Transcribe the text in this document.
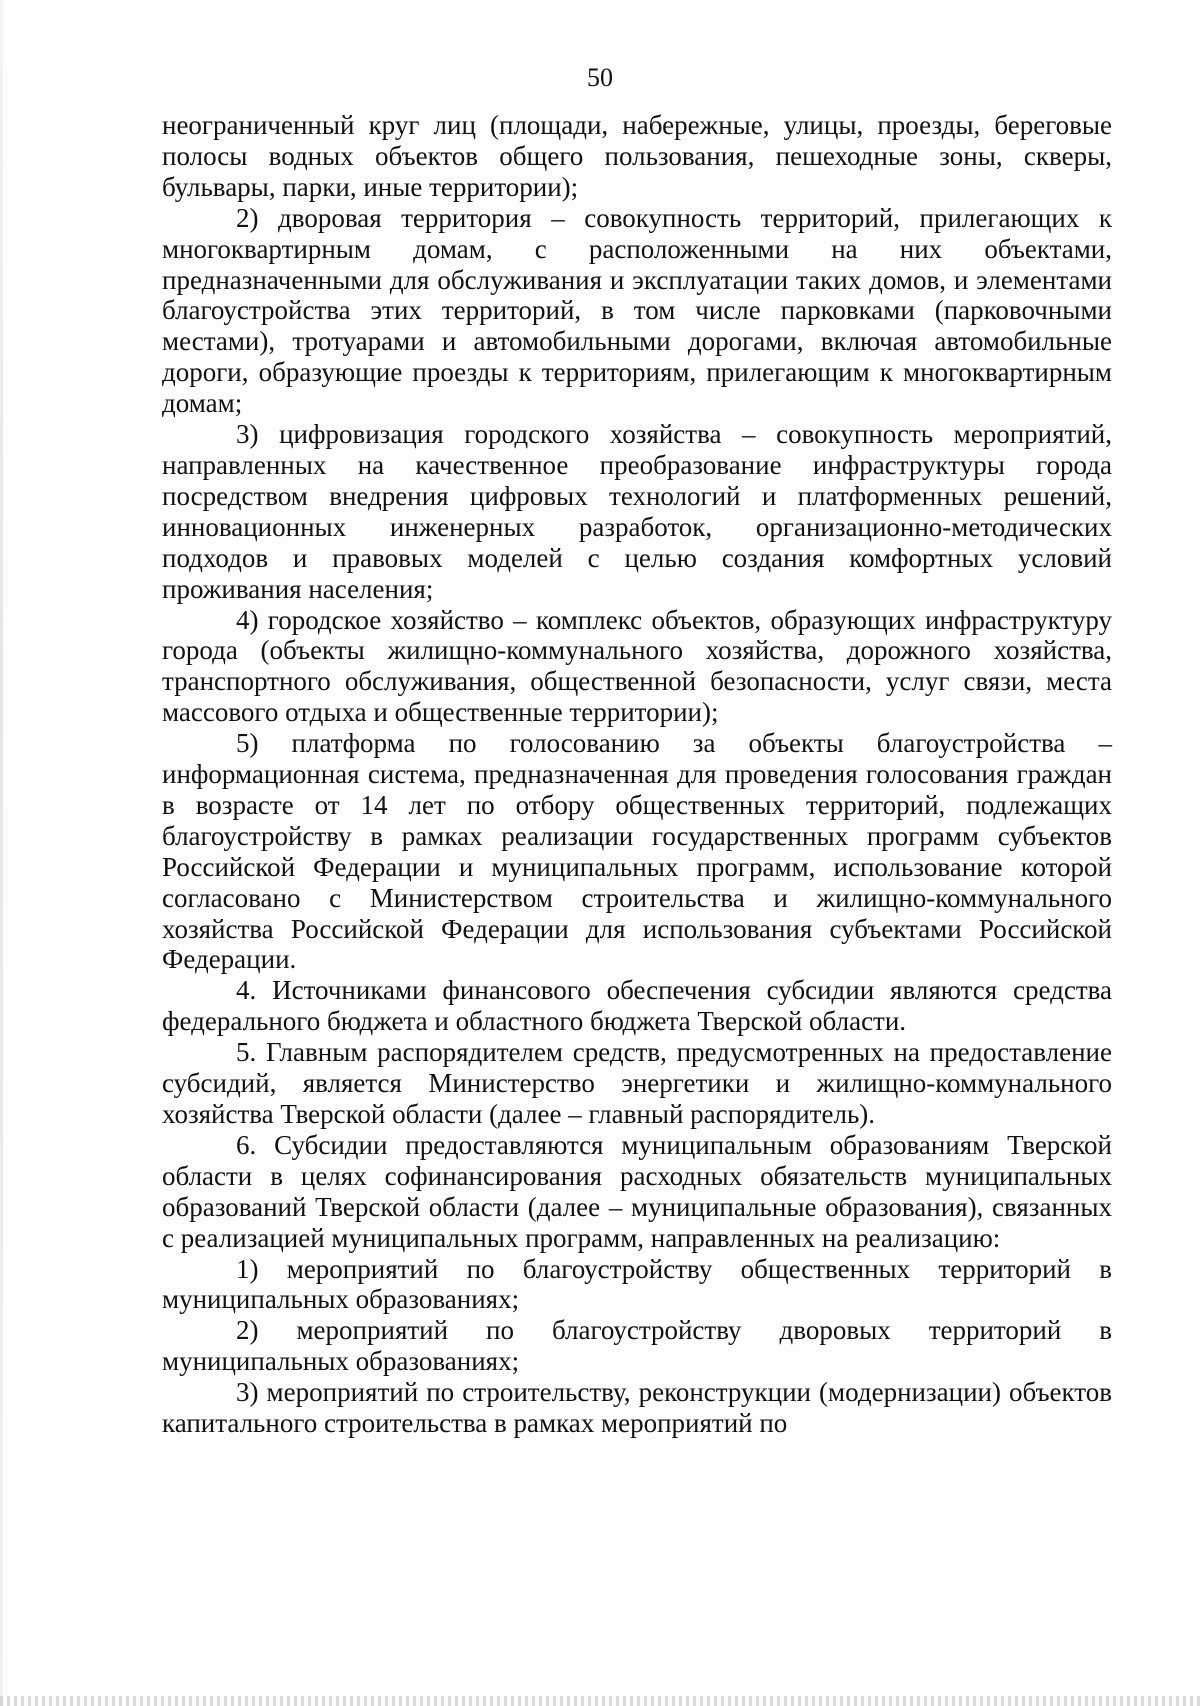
50

неограниченный круг лиц (площади, набережные, улицы, проезды, береговые полосы водных объектов общего пользования, пешеходные зоны, скверы, бульвары, парки, иные территории);

2) дворовая территория – совокупность территорий, прилегающих к многоквартирным домам, с расположенными на них объектами, предназначенными для обслуживания и эксплуатации таких домов, и элементами благоустройства этих территорий, в том числе парковками (парковочными местами), тротуарами и автомобильными дорогами, включая автомобильные дороги, образующие проезды к территориям, прилегающим к многоквартирным домам;

3) цифровизация городского хозяйства – совокупность мероприятий, направленных на качественное преобразование инфраструктуры города посредством внедрения цифровых технологий и платформенных решений, инновационных инженерных разработок, организационно-методических подходов и правовых моделей с целью создания комфортных условий проживания населения;

4) городское хозяйство – комплекс объектов, образующих инфраструктуру города (объекты жилищно-коммунального хозяйства, дорожного хозяйства, транспортного обслуживания, общественной безопасности, услуг связи, места массового отдыха и общественные территории);

5) платформа по голосованию за объекты благоустройства – информационная система, предназначенная для проведения голосования граждан в возрасте от 14 лет по отбору общественных территорий, подлежащих благоустройству в рамках реализации государственных программ субъектов Российской Федерации и муниципальных программ, использование которой согласовано с Министерством строительства и жилищно-коммунального хозяйства Российской Федерации для использования субъектами Российской Федерации.

4. Источниками финансового обеспечения субсидии являются средства федерального бюджета и областного бюджета Тверской области.

5. Главным распорядителем средств, предусмотренных на предоставление субсидий, является Министерство энергетики и жилищно-коммунального хозяйства Тверской области (далее – главный распорядитель).

6. Субсидии предоставляются муниципальным образованиям Тверской области в целях софинансирования расходных обязательств муниципальных образований Тверской области (далее – муниципальные образования), связанных с реализацией муниципальных программ, направленных на реализацию:

1) мероприятий по благоустройству общественных территорий в муниципальных образованиях;

2) мероприятий по благоустройству дворовых территорий в муниципальных образованиях;

3) мероприятий по строительству, реконструкции (модернизации) объектов капитального строительства в рамках мероприятий по
